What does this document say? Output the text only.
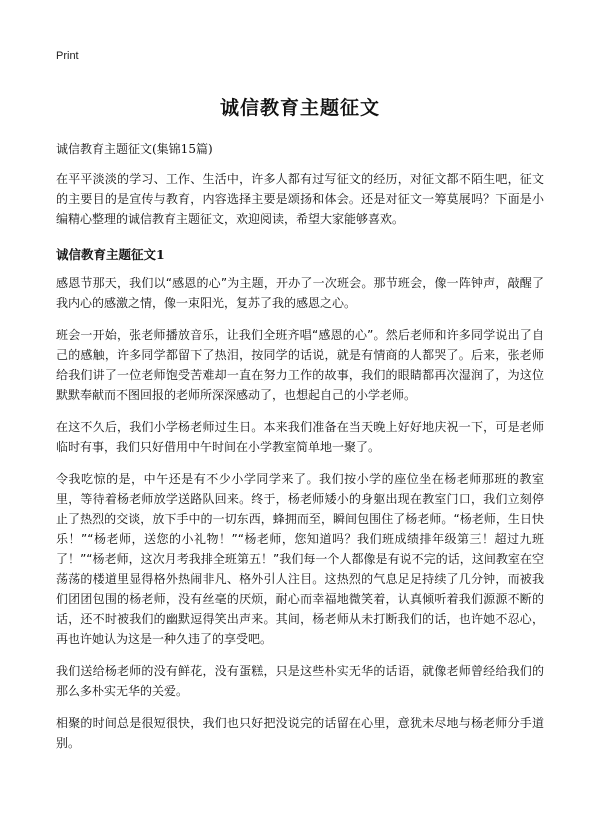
Print
诚信教育主题征文
诚信教育主题征文(集锦15篇)

在平平淡淡的学习、工作、生活中，许多人都有过写征文的经历，对征文都不陌生吧，征文的主要目的是宣传与教育，内容选择主要是颂扬和体会。还是对征文一筹莫展吗？下面是小编精心整理的诚信教育主题征文，欢迎阅读，希望大家能够喜欢。

诚信教育主题征文1

感恩节那天，我们以“感恩的心”为主题，开办了一次班会。那节班会，像一阵钟声，敲醒了我内心的感激之情，像一束阳光，复苏了我的感恩之心。

班会一开始，张老师播放音乐，让我们全班齐唱“感恩的心”。然后老师和许多同学说出了自己的感触，许多同学都留下了热泪，按同学的话说，就是有情商的人都哭了。后来，张老师给我们讲了一位老师饱受苦难却一直在努力工作的故事，我们的眼睛都再次湿润了，为这位默默奉献而不图回报的老师所深深感动了，也想起自己的小学老师。

在这不久后，我们小学杨老师过生日。本来我们准备在当天晚上好好地庆祝一下，可是老师临时有事，我们只好借用中午时间在小学教室简单地一聚了。

令我吃惊的是，中午还是有不少小学同学来了。我们按小学的座位坐在杨老师那班的教室里，等待着杨老师放学送路队回来。终于，杨老师矮小的身躯出现在教室门口，我们立刻停止了热烈的交谈，放下手中的一切东西，蜂拥而至，瞬间包围住了杨老师。“杨老师，生日快乐！”“杨老师，送您的小礼物！”“杨老师，您知道吗？我们班成绩排年级第三！超过九班了！”“杨老师，这次月考我排全班第五！”我们每一个人都像是有说不完的话，这间教室在空荡荡的楼道里显得格外热闹非凡、格外引人注目。这热烈的气息足足持续了几分钟，而被我们团团包围的杨老师，没有丝毫的厌烦，耐心而幸福地微笑着，认真倾听着我们源源不断的话，还不时被我们的幽默逗得笑出声来。其间，杨老师从未打断我们的话，也许她不忍心，再也许她认为这是一种久违了的享受吧。

我们送给杨老师的没有鲜花，没有蛋糕，只是这些朴实无华的话语，就像老师曾经给我们的那么多朴实无华的关爱。

相聚的时间总是很短很快，我们也只好把没说完的话留在心里，意犹未尽地与杨老师分手道别。
